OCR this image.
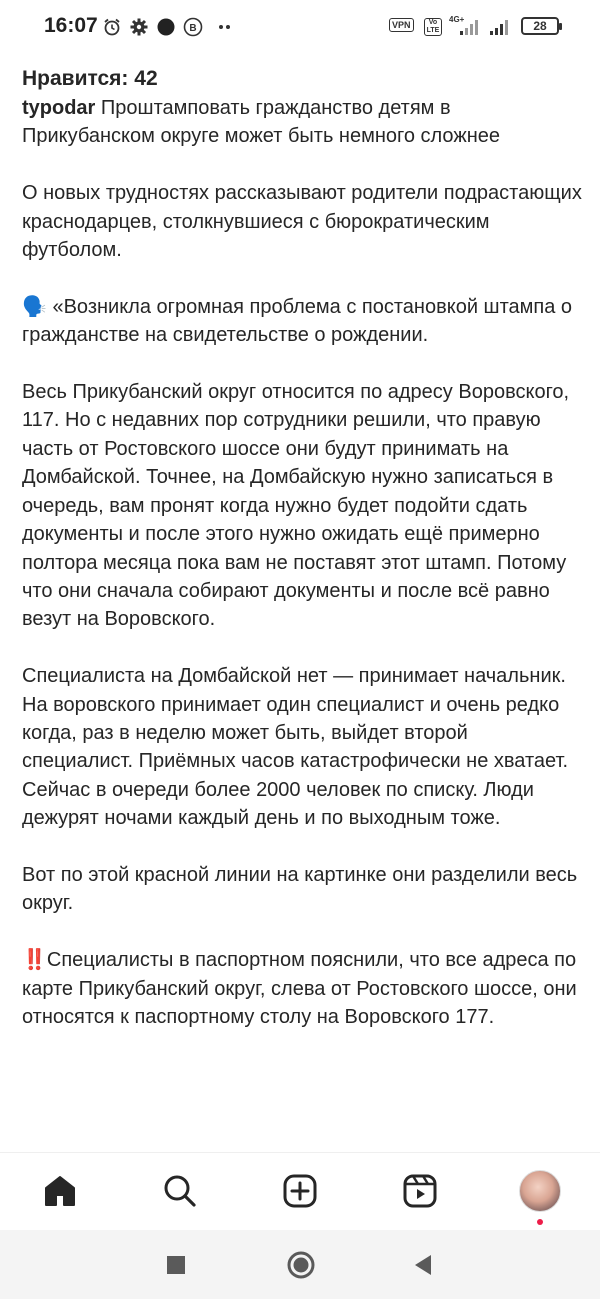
16:07	B	VPN	Vo LTE
4G+	28
Нравится: 42
typodar Проштамповать гражданство детям в Прикубанском округе может быть немного сложнее

О новых трудностях рассказывают родители подрастающих краснодарцев, столкнувшиеся с бюрократическим футболом.

🗣️ «Возникла огромная проблема с постановкой штампа о гражданстве на свидетельстве о рождении.

Весь Прикубанский округ относится по адресу Воровского, 117. Но с недавних пор сотрудники решили, что правую часть от Ростовского шоссе они будут принимать на Домбайской. Точнее, на Домбайскую нужно записаться в очередь, вам пронят когда нужно будет подойти сдать документы и после этого нужно ожидать ещё примерно полтора месяца пока вам не поставят этот штамп. Потому что они сначала собирают документы и после всё равно везут на Воровского.

Специалиста на Домбайской нет — принимает начальник.
На воровского принимает один специалист и очень редко когда, раз в неделю может быть, выйдет второй специалист. Приёмных часов катастрофически не хватает. Сейчас в очереди более 2000 человек по списку. Люди дежурят ночами каждый день и по выходным тоже.

Вот по этой красной линии на картинке они разделили весь округ.

‼️Специалисты в паспортном пояснили, что все адреса по карте Прикубанский округ, слева от Ростовского шоссе, они относятся к паспортному столу на Воровского 177.
